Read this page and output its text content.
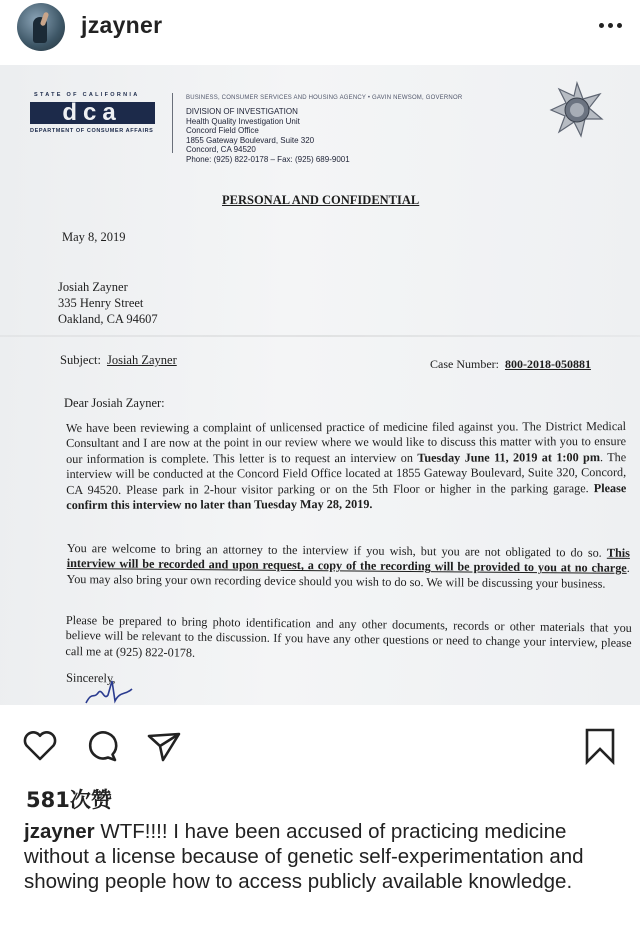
jzayner
STATE OF CALIFORNIA
dca
DEPARTMENT OF CONSUMER AFFAIRS
BUSINESS, CONSUMER SERVICES AND HOUSING AGENCY • GAVIN NEWSOM, GOVERNOR
DIVISION OF INVESTIGATION
Health Quality Investigation Unit
Concord Field Office
1855 Gateway Boulevard, Suite 320
Concord, CA 94520
Phone: (925) 822-0178 – Fax: (925) 689-9001
PERSONAL AND CONFIDENTIAL
May 8, 2019
Josiah Zayner
335 Henry Street
Oakland, CA 94607
Subject: Josiah Zayner	Case Number: 800-2018-050881
Dear Josiah Zayner:
We have been reviewing a complaint of unlicensed practice of medicine filed against you. The District Medical Consultant and I are now at the point in our review where we would like to discuss this matter with you to ensure our information is complete. This letter is to request an interview on Tuesday June 11, 2019 at 1:00 pm. The interview will be conducted at the Concord Field Office located at 1855 Gateway Boulevard, Suite 320, Concord, CA 94520. Please park in 2-hour visitor parking or on the 5th Floor or higher in the parking garage. Please confirm this interview no later than Tuesday May 28, 2019.
You are welcome to bring an attorney to the interview if you wish, but you are not obligated to do so. This interview will be recorded and upon request, a copy of the recording will be provided to you at no charge. You may also bring your own recording device should you wish to do so. We will be discussing your business.
Please be prepared to bring photo identification and any other documents, records or other materials that you believe will be relevant to the discussion. If you have any other questions or need to change your interview, please call me at (925) 822-0178.
Sincerely,
581次赞
jzayner WTF!!!! I have been accused of practicing medicine without a license because of genetic self-experimentation and showing people how to access publicly available knowledge.
